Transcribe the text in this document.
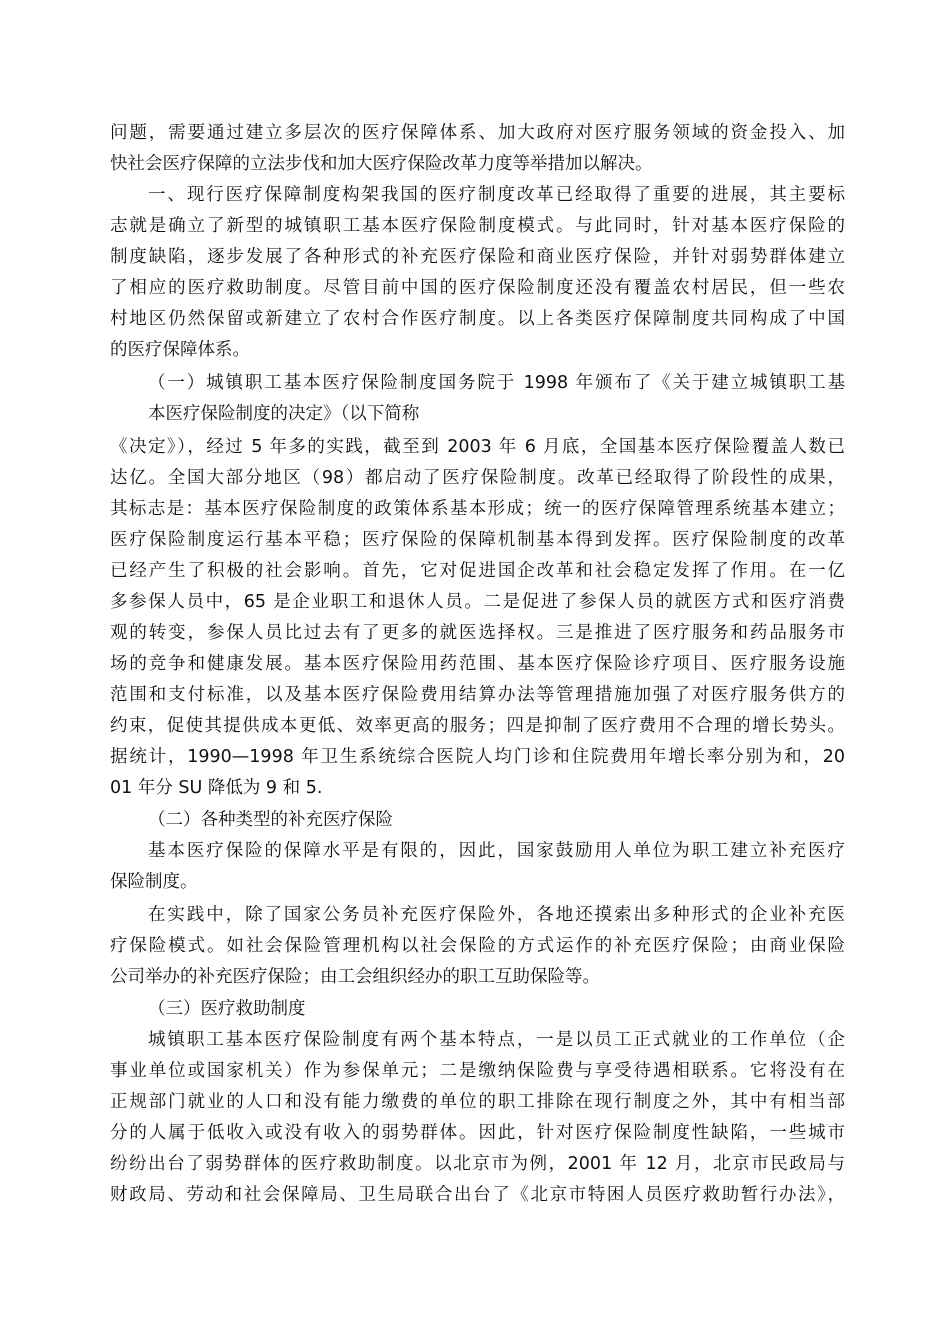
问题，需要通过建立多层次的医疗保障体系、加大政府对医疗服务领域的资金投入、加
快社会医疗保障的立法步伐和加大医疗保险改革力度等举措加以解决。
一、现行医疗保障制度构架我国的医疗制度改革已经取得了重要的进展，其主要标
志就是确立了新型的城镇职工基本医疗保险制度模式。与此同时，针对基本医疗保险的
制度缺陷，逐步发展了各种形式的补充医疗保险和商业医疗保险，并针对弱势群体建立
了相应的医疗救助制度。尽管目前中国的医疗保险制度还没有覆盖农村居民，但一些农
村地区仍然保留或新建立了农村合作医疗制度。以上各类医疗保障制度共同构成了中国
的医疗保障体系。
（一）城镇职工基本医疗保险制度国务院于 1998 年颁布了《关于建立城镇职工基
本医疗保险制度的决定》（以下简称
《决定》），经过 5 年多的实践，截至到 2003 年 6 月底，全国基本医疗保险覆盖人数已
达亿。全国大部分地区（98）都启动了医疗保险制度。改革已经取得了阶段性的成果，
其标志是：基本医疗保险制度的政策体系基本形成；统一的医疗保障管理系统基本建立；
医疗保险制度运行基本平稳；医疗保险的保障机制基本得到发挥。医疗保险制度的改革
已经产生了积极的社会影响。首先，它对促进国企改革和社会稳定发挥了作用。在一亿
多参保人员中，65 是企业职工和退休人员。二是促进了参保人员的就医方式和医疗消费
观的转变，参保人员比过去有了更多的就医选择权。三是推进了医疗服务和药品服务市
场的竞争和健康发展。基本医疗保险用药范围、基本医疗保险诊疗项目、医疗服务设施
范围和支付标准，以及基本医疗保险费用结算办法等管理措施加强了对医疗服务供方的
约束，促使其提供成本更低、效率更高的服务；四是抑制了医疗费用不合理的增长势头。
据统计，1990—1998 年卫生系统综合医院人均门诊和住院费用年增长率分别为和，20
01 年分 SU 降低为 9 和 5.
（二）各种类型的补充医疗保险
基本医疗保险的保障水平是有限的，因此，国家鼓励用人单位为职工建立补充医疗
保险制度。
在实践中，除了国家公务员补充医疗保险外，各地还摸索出多种形式的企业补充医
疗保险模式。如社会保险管理机构以社会保险的方式运作的补充医疗保险；由商业保险
公司举办的补充医疗保险；由工会组织经办的职工互助保险等。
（三）医疗救助制度
城镇职工基本医疗保险制度有两个基本特点，一是以员工正式就业的工作单位（企
事业单位或国家机关）作为参保单元；二是缴纳保险费与享受待遇相联系。它将没有在
正规部门就业的人口和没有能力缴费的单位的职工排除在现行制度之外，其中有相当部
分的人属于低收入或没有收入的弱势群体。因此，针对医疗保险制度性缺陷，一些城市
纷纷出台了弱势群体的医疗救助制度。以北京市为例，2001 年 12 月，北京市民政局与
财政局、劳动和社会保障局、卫生局联合出台了《北京市特困人员医疗救助暂行办法》，
